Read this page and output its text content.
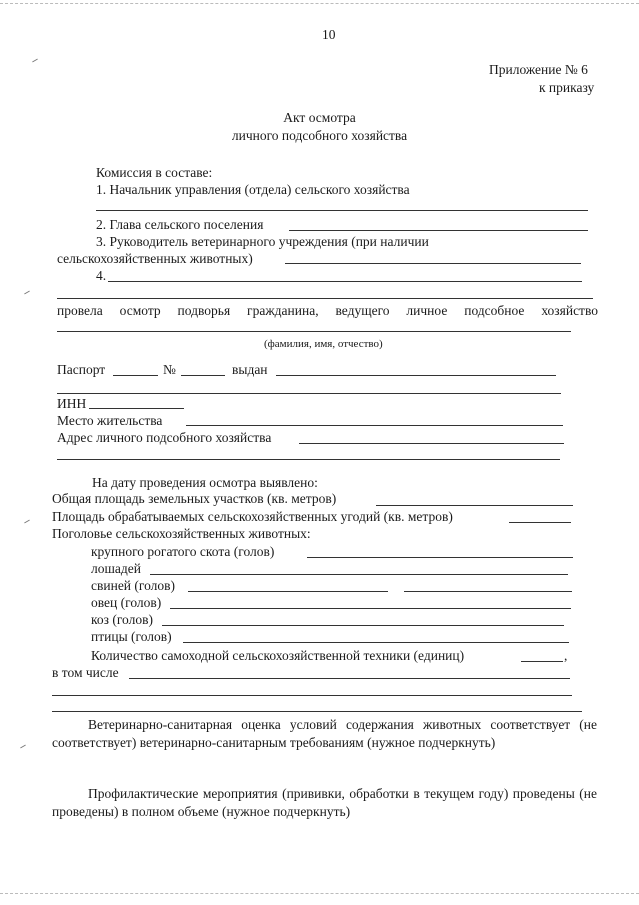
10
Приложение № 6
к приказу
Акт осмотра
личного подсобного хозяйства
Комиссия в составе:
1. Начальник управления (отдела) сельского хозяйства
2. Глава сельского поселения
3. Руководитель ветеринарного учреждения (при наличии
сельскохозяйственных животных)
4.
провела осмотр подворья гражданина, ведущего личное подсобное хозяйство
(фамилия, имя, отчество)
Паспорт	№	выдан
ИНН
Место жительства
Адрес личного подсобного хозяйства
На дату проведения осмотра выявлено:
Общая площадь земельных участков (кв. метров)
Площадь обрабатываемых сельскохозяйственных угодий (кв. метров)
Поголовье сельскохозяйственных животных:
крупного рогатого скота (голов)
лошадей
свиней (голов)
овец (голов)
коз (голов)
птицы (голов)
Количество самоходной сельскохозяйственной техники (единиц)	,
в том числе
Ветеринарно-санитарная оценка условий содержания животных соответствует (не соответствует) ветеринарно-санитарным требованиям (нужное подчеркнуть)
Профилактические мероприятия (прививки, обработки в текущем году) проведены (не проведены) в полном объеме (нужное подчеркнуть)
